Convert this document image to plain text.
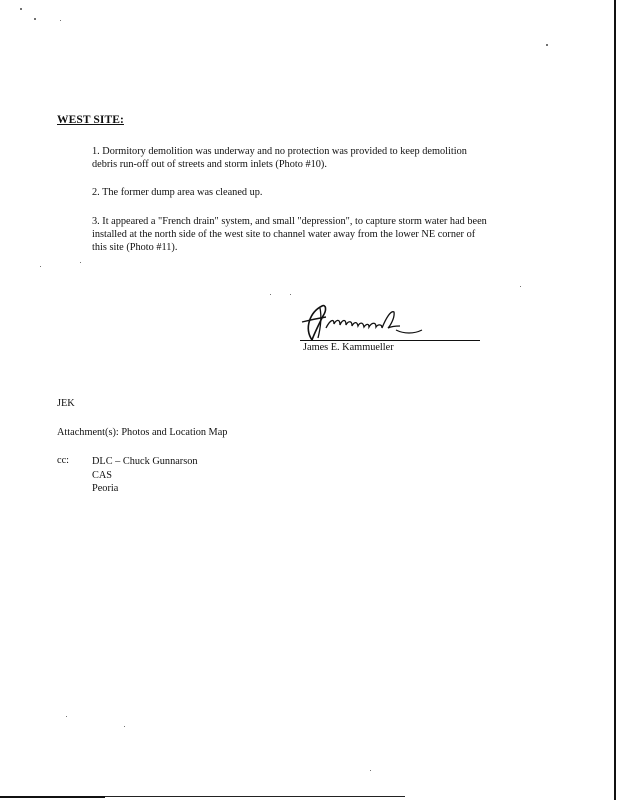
WEST SITE:
1. Dormitory demolition was underway and no protection was provided to keep demolition debris run-off out of streets and storm inlets (Photo #10).
2. The former dump area was cleaned up.
3. It appeared a "French drain" system, and small "depression", to capture storm water had been installed at the north side of the west site to channel water away from the lower NE corner of this site (Photo #11).
James E. Kammueller
JEK
Attachment(s): Photos and Location Map
cc: DLC – Chuck Gunnarson
CAS
Peoria
